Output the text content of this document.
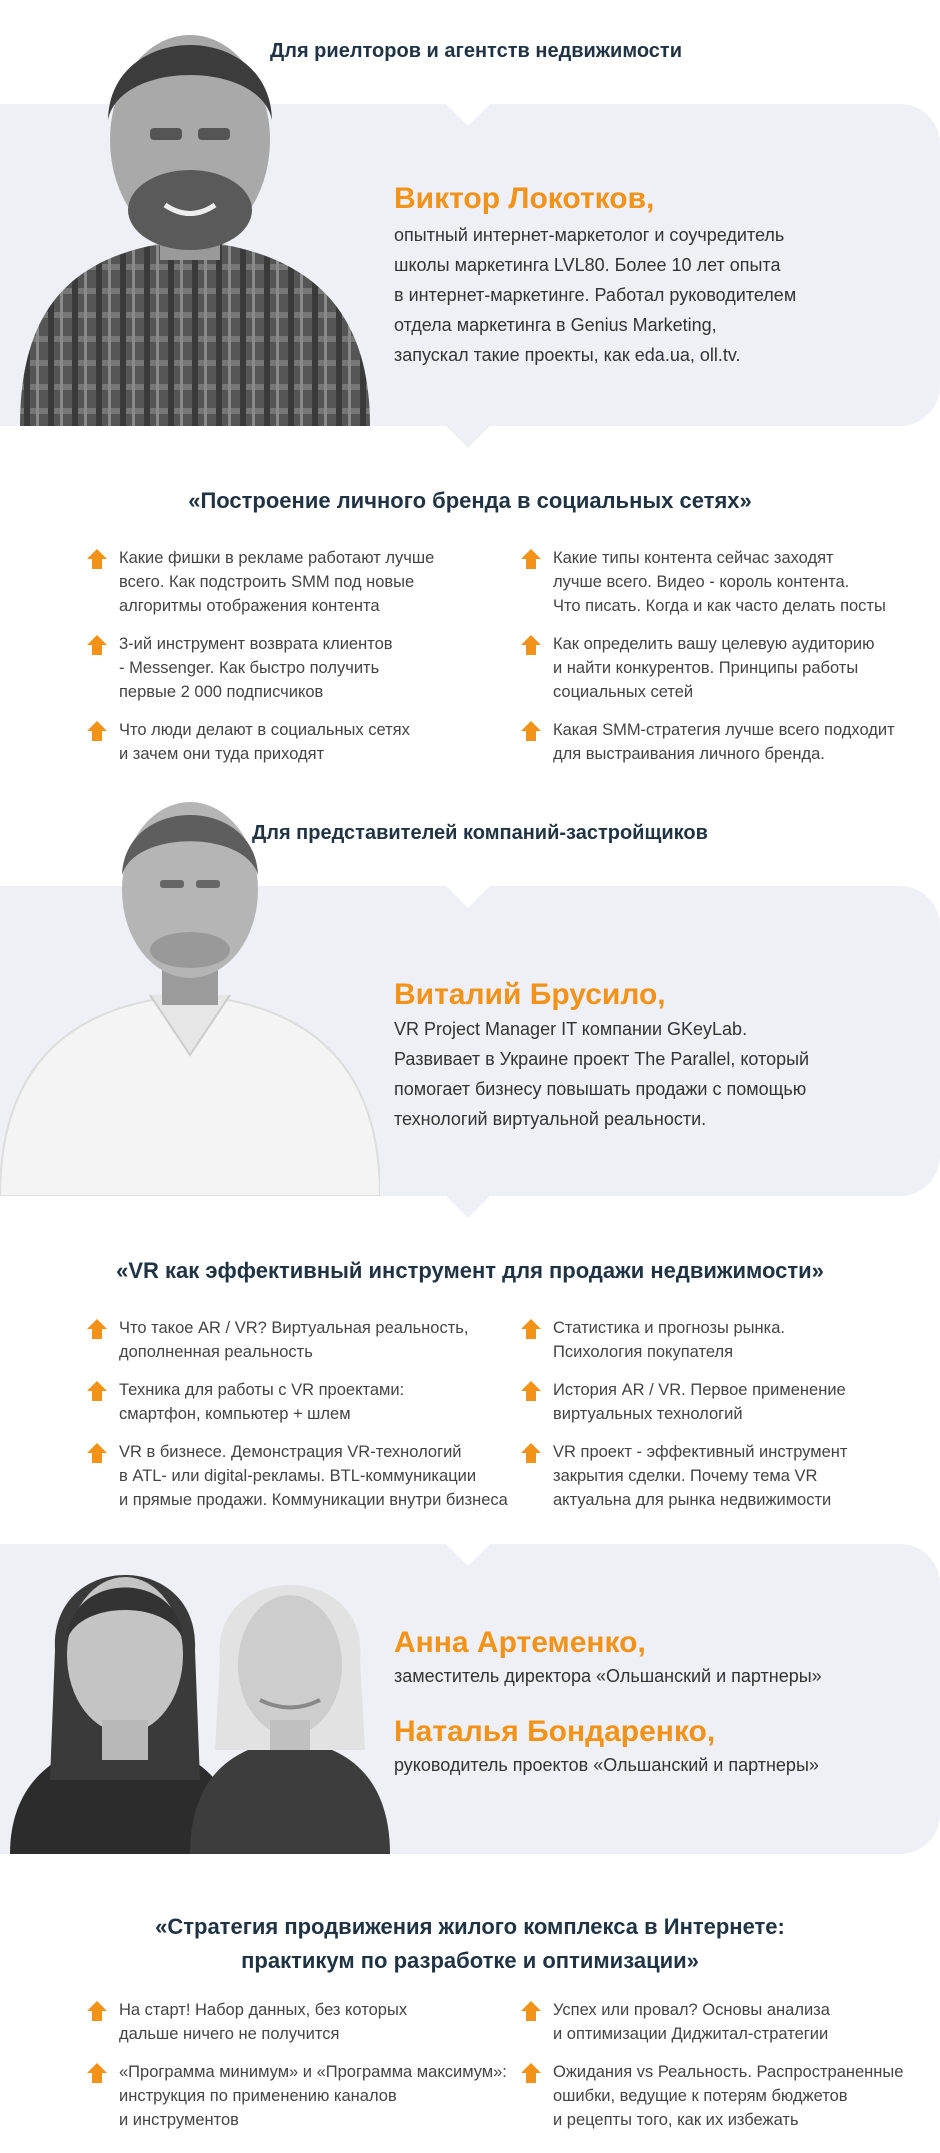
Для риелторов и агентств недвижимости
Виктор Локотков,
опытный интернет-маркетолог и соучредитель
школы маркетинга LVL80. Более 10 лет опыта
в интернет-маркетинге. Работал руководителем
отдела маркетинга в Genius Marketing,
запускал такие проекты, как eda.ua, oll.tv.
«Построение личного бренда в социальных сетях»
Какие фишки в рекламе работают лучше
всего. Как подстроить SMM под новые
алгоритмы отображения контента
3-ий инструмент возврата клиентов
- Messenger. Как быстро получить
первые 2 000 подписчиков
Что люди делают в социальных сетях
и зачем они туда приходят
Какие типы контента сейчас заходят
лучше всего. Видео - король контента.
Что писать. Когда и как часто делать посты
Как определить вашу целевую аудиторию
и найти конкурентов. Принципы работы
социальных сетей
Какая SMM-стратегия лучше всего подходит
для выстраивания личного бренда.
Для представителей компаний-застройщиков
Виталий Брусило,
VR Project Manager IT компании GKeyLab.
Развивает в Украине проект The Parallel, который
помогает бизнесу повышать продажи с помощью
технологий виртуальной реальности.
«VR как эффективный инструмент для продажи недвижимости»
Что такое AR / VR? Виртуальная реальность,
дополненная реальность
Техника для работы с VR проектами:
смартфон, компьютер + шлем
VR в бизнесе. Демонстрация VR-технологий
в ATL- или digital-рекламы. BTL-коммуникации
и прямые продажи. Коммуникации внутри бизнеса
Статистика и прогнозы рынка.
Психология покупателя
История AR / VR. Первое применение
виртуальных технологий
VR проект - эффективный инструмент
закрытия сделки. Почему тема VR
актуальна для рынка недвижимости
Анна Артеменко,
заместитель директора «Ольшанский и партнеры»
Наталья Бондаренко,
руководитель проектов «Ольшанский и партнеры»
«Стратегия продвижения жилого комплекса в Интернете:
практикум по разработке и оптимизации»
На старт! Набор данных, без которых
дальше ничего не получится
«Программа минимум» и «Программа максимум»:
инструкция по применению каналов
и инструментов
Успех или провал? Основы анализа
и оптимизации Диджитал-стратегии
Ожидания vs Реальность. Распространенные
ошибки, ведущие к потерям бюджетов
и рецепты того, как их избежать
